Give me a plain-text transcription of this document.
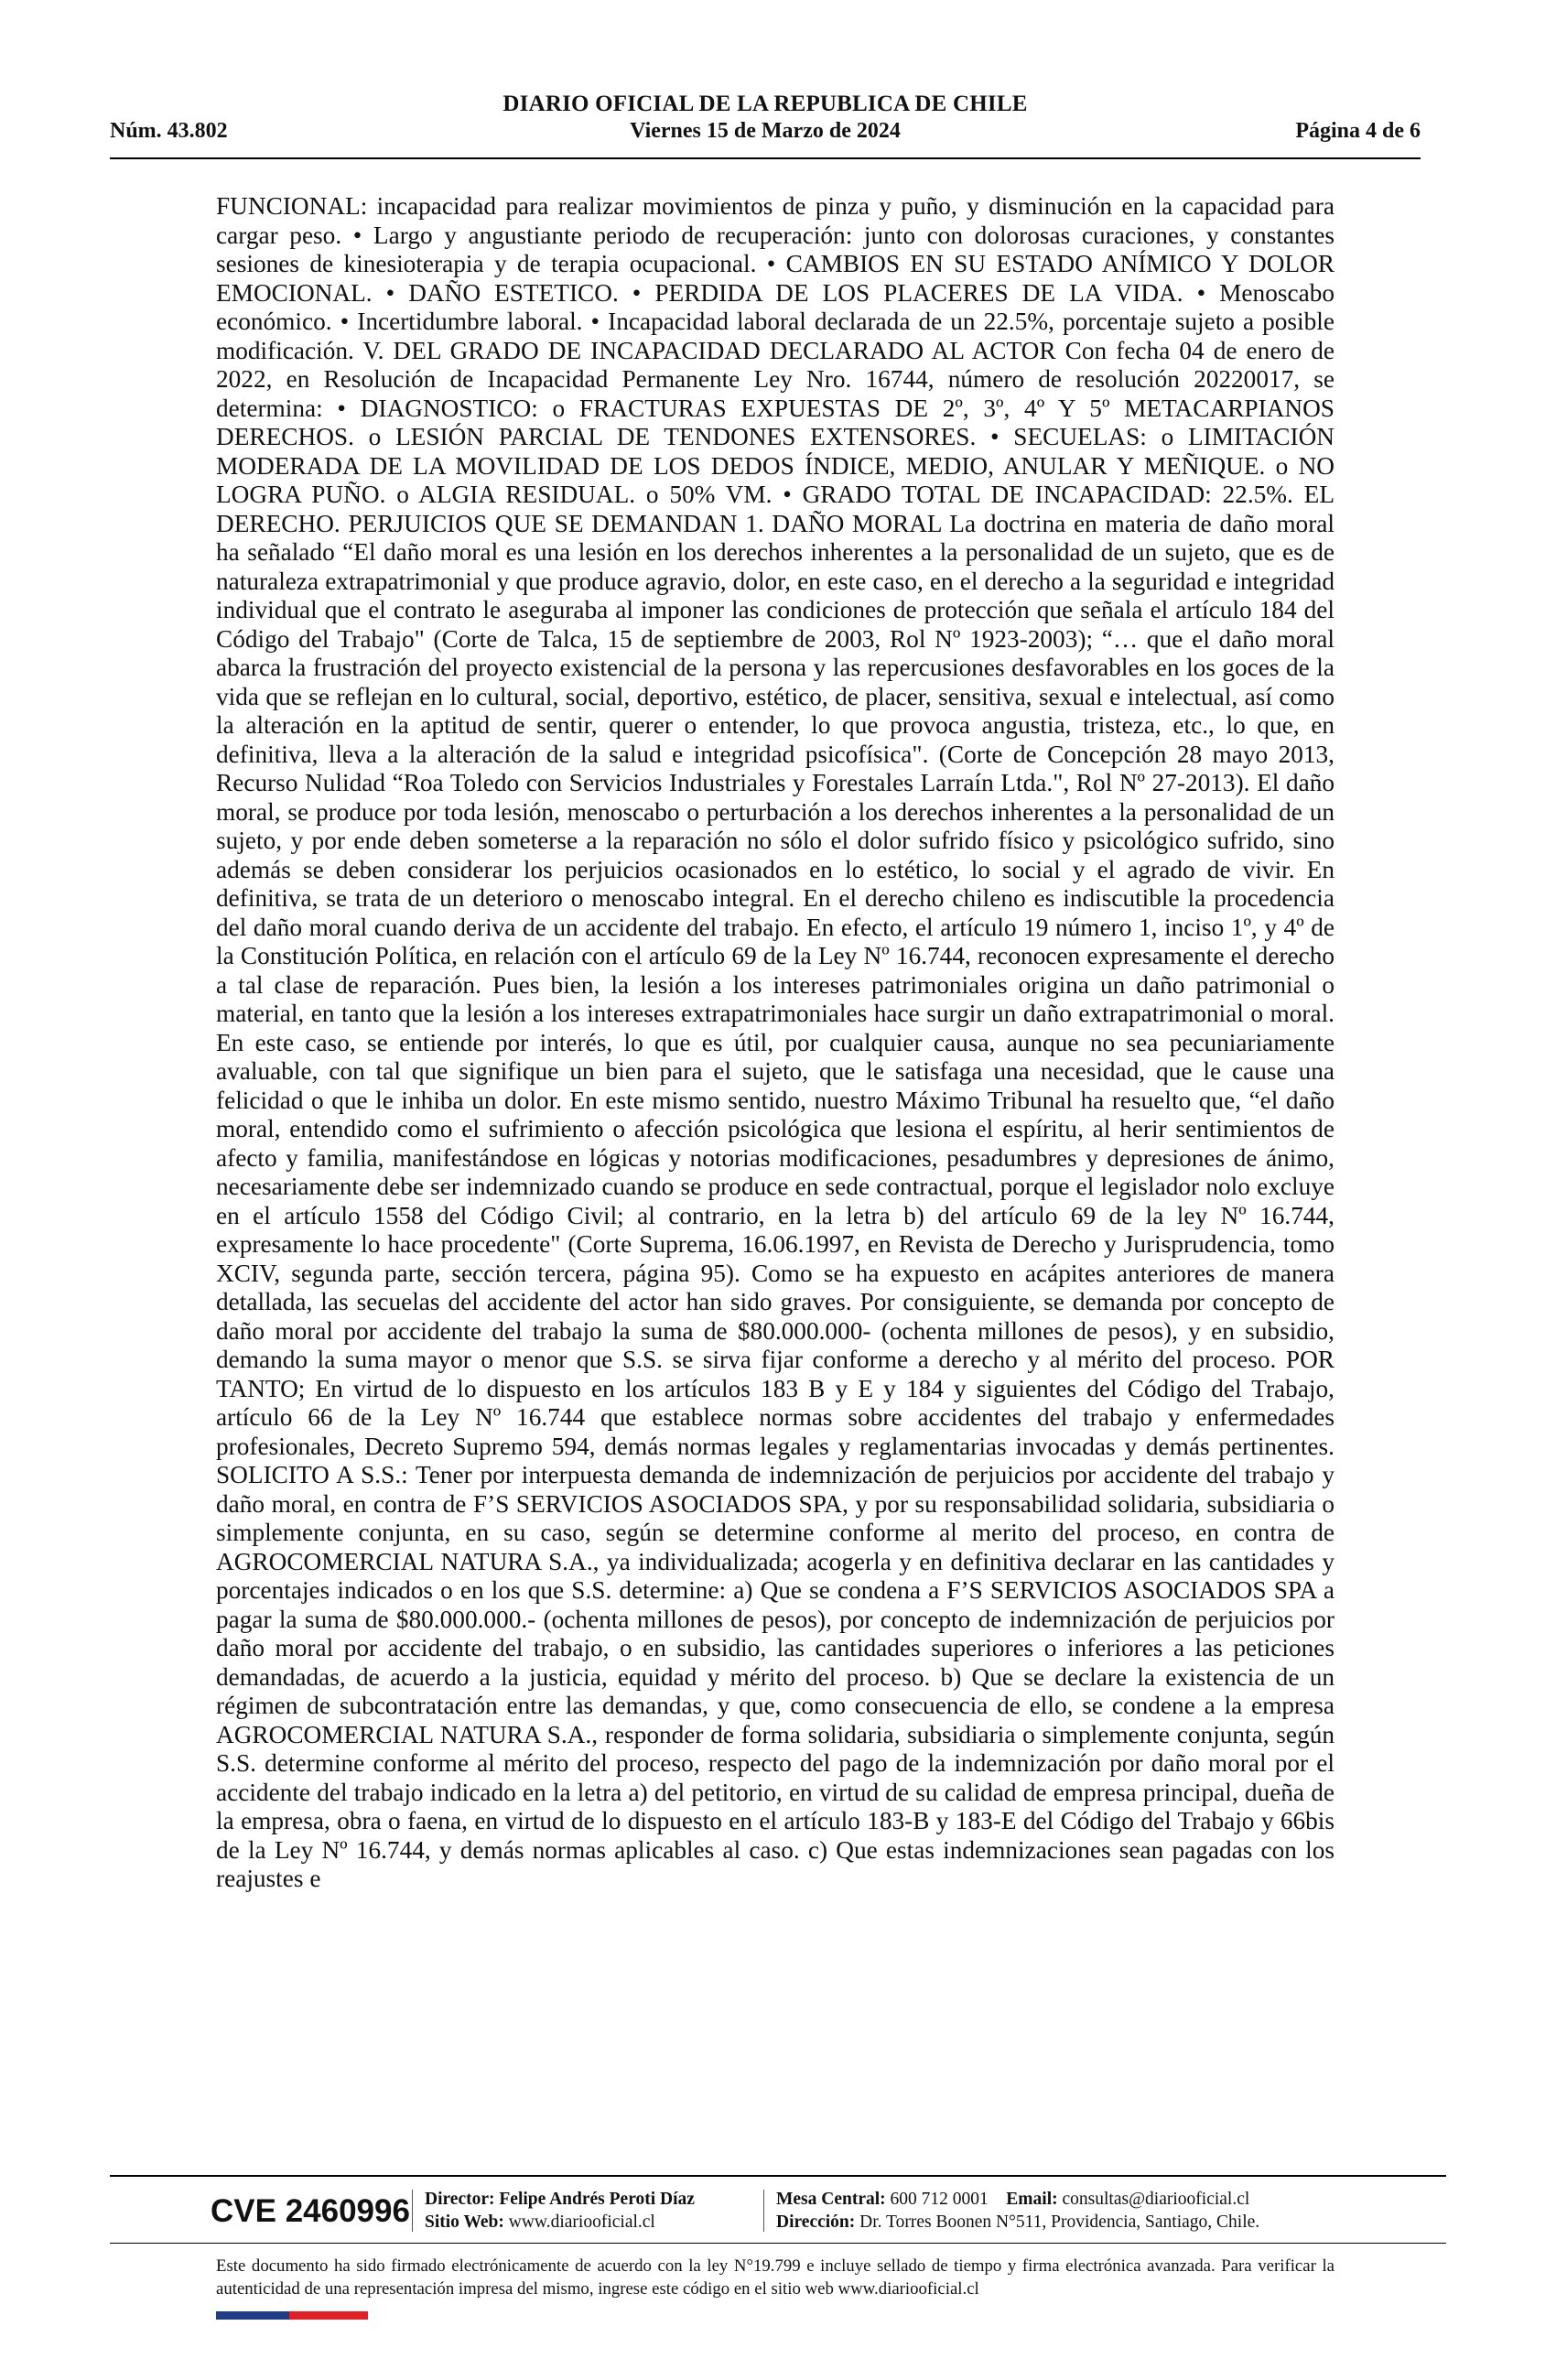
DIARIO OFICIAL DE LA REPUBLICA DE CHILE
Núm. 43.802	Viernes 15 de Marzo de 2024	Página 4 de 6
FUNCIONAL: incapacidad para realizar movimientos de pinza y puño, y disminución en la capacidad para cargar peso. • Largo y angustiante periodo de recuperación: junto con dolorosas curaciones, y constantes sesiones de kinesioterapia y de terapia ocupacional. • CAMBIOS EN SU ESTADO ANÍMICO Y DOLOR EMOCIONAL. • DAÑO ESTETICO. • PERDIDA DE LOS PLACERES DE LA VIDA. • Menoscabo económico. • Incertidumbre laboral. • Incapacidad laboral declarada de un 22.5%, porcentaje sujeto a posible modificación. V. DEL GRADO DE INCAPACIDAD DECLARADO AL ACTOR Con fecha 04 de enero de 2022, en Resolución de Incapacidad Permanente Ley Nro. 16744, número de resolución 20220017, se determina: • DIAGNOSTICO: o FRACTURAS EXPUESTAS DE 2º, 3º, 4º Y 5º METACARPIANOS DERECHOS. o LESIÓN PARCIAL DE TENDONES EXTENSORES. • SECUELAS: o LIMITACIÓN MODERADA DE LA MOVILIDAD DE LOS DEDOS ÍNDICE, MEDIO, ANULAR Y MEÑIQUE. o NO LOGRA PUÑO. o ALGIA RESIDUAL. o 50% VM. • GRADO TOTAL DE INCAPACIDAD: 22.5%. EL DERECHO. PERJUICIOS QUE SE DEMANDAN 1. DAÑO MORAL La doctrina en materia de daño moral ha señalado “El daño moral es una lesión en los derechos inherentes a la personalidad de un sujeto, que es de naturaleza extrapatrimonial y que produce agravio, dolor, en este caso, en el derecho a la seguridad e integridad individual que el contrato le aseguraba al imponer las condiciones de protección que señala el artículo 184 del Código del Trabajo" (Corte de Talca, 15 de septiembre de 2003, Rol Nº 1923-2003); “… que el daño moral abarca la frustración del proyecto existencial de la persona y las repercusiones desfavorables en los goces de la vida que se reflejan en lo cultural, social, deportivo, estético, de placer, sensitiva, sexual e intelectual, así como la alteración en la aptitud de sentir, querer o entender, lo que provoca angustia, tristeza, etc., lo que, en definitiva, lleva a la alteración de la salud e integridad psicofísica". (Corte de Concepción 28 mayo 2013, Recurso Nulidad “Roa Toledo con Servicios Industriales y Forestales Larraín Ltda.", Rol Nº 27-2013). El daño moral, se produce por toda lesión, menoscabo o perturbación a los derechos inherentes a la personalidad de un sujeto, y por ende deben someterse a la reparación no sólo el dolor sufrido físico y psicológico sufrido, sino además se deben considerar los perjuicios ocasionados en lo estético, lo social y el agrado de vivir. En definitiva, se trata de un deterioro o menoscabo integral. En el derecho chileno es indiscutible la procedencia del daño moral cuando deriva de un accidente del trabajo. En efecto, el artículo 19 número 1, inciso 1º, y 4º de la Constitución Política, en relación con el artículo 69 de la Ley Nº 16.744, reconocen expresamente el derecho a tal clase de reparación. Pues bien, la lesión a los intereses patrimoniales origina un daño patrimonial o material, en tanto que la lesión a los intereses extrapatrimoniales hace surgir un daño extrapatrimonial o moral. En este caso, se entiende por interés, lo que es útil, por cualquier causa, aunque no sea pecuniariamente avaluable, con tal que signifique un bien para el sujeto, que le satisfaga una necesidad, que le cause una felicidad o que le inhiba un dolor. En este mismo sentido, nuestro Máximo Tribunal ha resuelto que, “el daño moral, entendido como el sufrimiento o afección psicológica que lesiona el espíritu, al herir sentimientos de afecto y familia, manifestándose en lógicas y notorias modificaciones, pesadumbres y depresiones de ánimo, necesariamente debe ser indemnizado cuando se produce en sede contractual, porque el legislador nolo excluye en el artículo 1558 del Código Civil; al contrario, en la letra b) del artículo 69 de la ley Nº 16.744, expresamente lo hace procedente" (Corte Suprema, 16.06.1997, en Revista de Derecho y Jurisprudencia, tomo XCIV, segunda parte, sección tercera, página 95). Como se ha expuesto en acápites anteriores de manera detallada, las secuelas del accidente del actor han sido graves. Por consiguiente, se demanda por concepto de daño moral por accidente del trabajo la suma de $80.000.000- (ochenta millones de pesos), y en subsidio, demando la suma mayor o menor que S.S. se sirva fijar conforme a derecho y al mérito del proceso. POR TANTO; En virtud de lo dispuesto en los artículos 183 B y E y 184 y siguientes del Código del Trabajo, artículo 66 de la Ley Nº 16.744 que establece normas sobre accidentes del trabajo y enfermedades profesionales, Decreto Supremo 594, demás normas legales y reglamentarias invocadas y demás pertinentes. SOLICITO A S.S.: Tener por interpuesta demanda de indemnización de perjuicios por accidente del trabajo y daño moral, en contra de F’S SERVICIOS ASOCIADOS SPA, y por su responsabilidad solidaria, subsidiaria o simplemente conjunta, en su caso, según se determine conforme al merito del proceso, en contra de AGROCOMERCIAL NATURA S.A., ya individualizada; acogerla y en definitiva declarar en las cantidades y porcentajes indicados o en los que S.S. determine: a) Que se condena a F’S SERVICIOS ASOCIADOS SPA a pagar la suma de $80.000.000.- (ochenta millones de pesos), por concepto de indemnización de perjuicios por daño moral por accidente del trabajo, o en subsidio, las cantidades superiores o inferiores a las peticiones demandadas, de acuerdo a la justicia, equidad y mérito del proceso. b) Que se declare la existencia de un régimen de subcontratación entre las demandas, y que, como consecuencia de ello, se condene a la empresa AGROCOMERCIAL NATURA S.A., responder de forma solidaria, subsidiaria o simplemente conjunta, según S.S. determine conforme al mérito del proceso, respecto del pago de la indemnización por daño moral por el accidente del trabajo indicado en la letra a) del petitorio, en virtud de su calidad de empresa principal, dueña de la empresa, obra o faena, en virtud de lo dispuesto en el artículo 183-B y 183-E del Código del Trabajo y 66bis de la Ley Nº 16.744, y demás normas aplicables al caso. c) Que estas indemnizaciones sean pagadas con los reajustes e
CVE 2460996 Director: Felipe Andrés Peroti Díaz
Sitio Web: www.diariooficial.cl
Mesa Central: 600 712 0001 Email: consultas@diariooficial.cl
Dirección: Dr. Torres Boonen N°511, Providencia, Santiago, Chile.
Este documento ha sido firmado electrónicamente de acuerdo con la ley N°19.799 e incluye sellado de tiempo y firma electrónica avanzada. Para verificar la autenticidad de una representación impresa del mismo, ingrese este código en el sitio web www.diariooficial.cl
